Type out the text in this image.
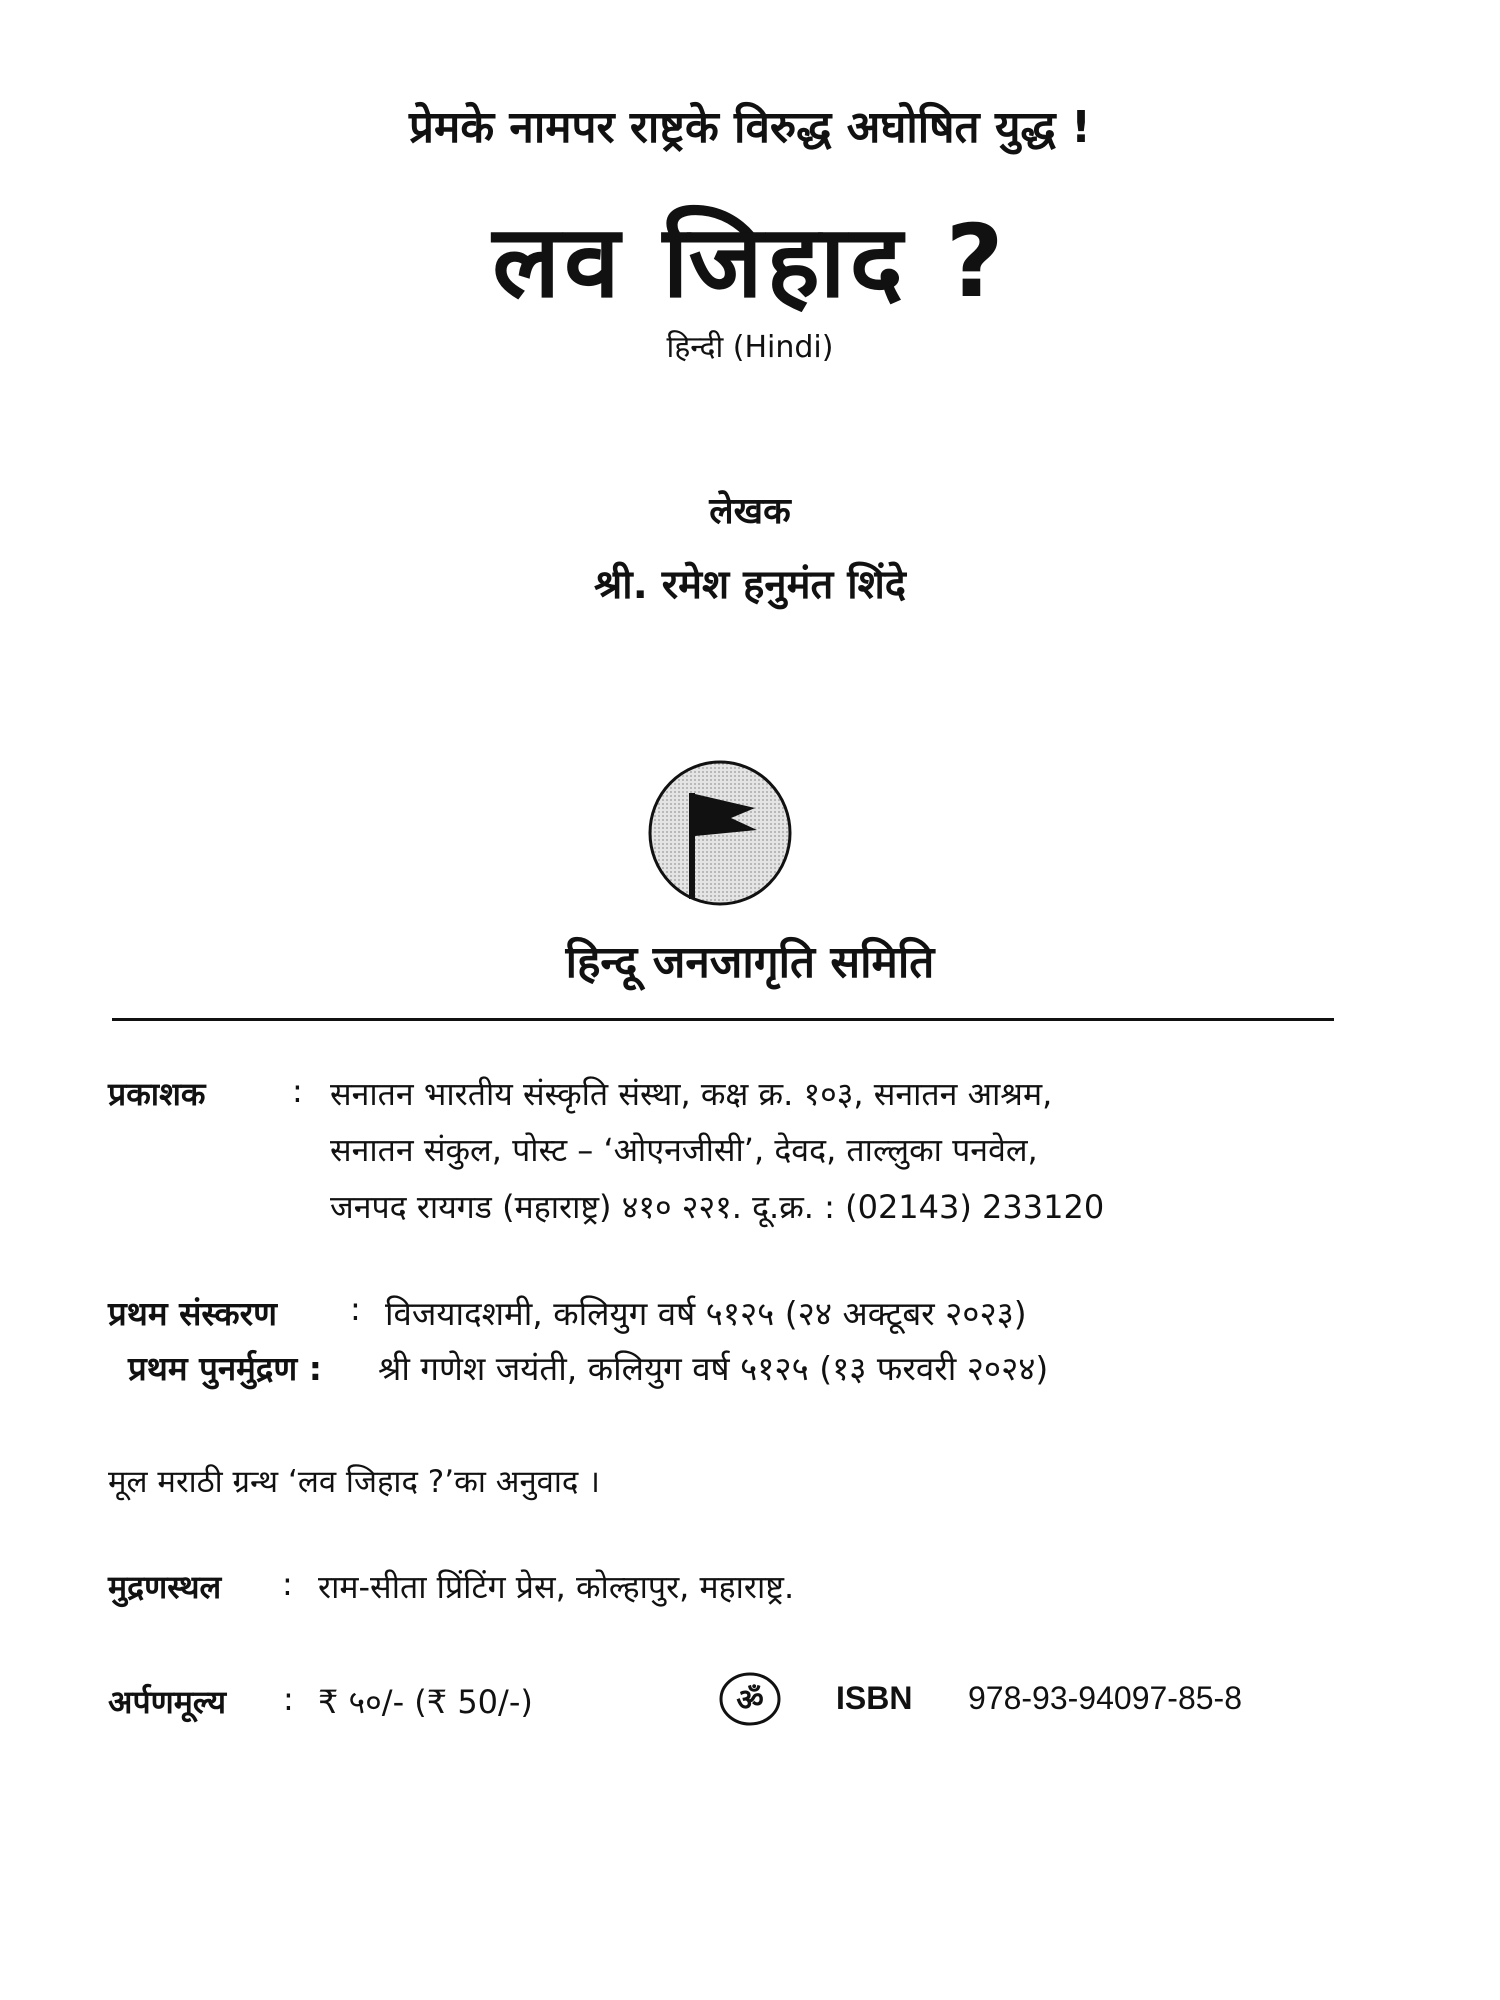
प्रेमके नामपर राष्ट्रके विरुद्ध अघोषित युद्ध !
लव जिहाद ?
हिन्दी (Hindi)
लेखक
श्री. रमेश हनुमंत शिंदे
हिन्दू जनजागृति समिति
प्रकाशक	: सनातन भारतीय संस्कृति संस्था, कक्ष क्र. १०३, सनातन आश्रम,
सनातन संकुल, पोस्ट – ‘ओएनजीसी’, देवद, ताल्लुका पनवेल,
जनपद रायगड (महाराष्ट्र) ४१० २२१. दू.क्र. : (02143) 233120
प्रथम संस्करण : विजयादशमी, कलियुग वर्ष ५१२५ (२४ अक्टूबर २०२३)
प्रथम पुनर्मुद्रण : श्री गणेश जयंती, कलियुग वर्ष ५१२५ (१३ फरवरी २०२४)
मूल मराठी ग्रन्थ ‘लव जिहाद ?’का अनुवाद ।
मुद्रणस्थल : राम-सीता प्रिंटिंग प्रेस, कोल्हापुर, महाराष्ट्र.
अर्पणमूल्य : ₹ ५०/- (₹ 50/-)	ॐ ISBN 978-93-94097-85-8
